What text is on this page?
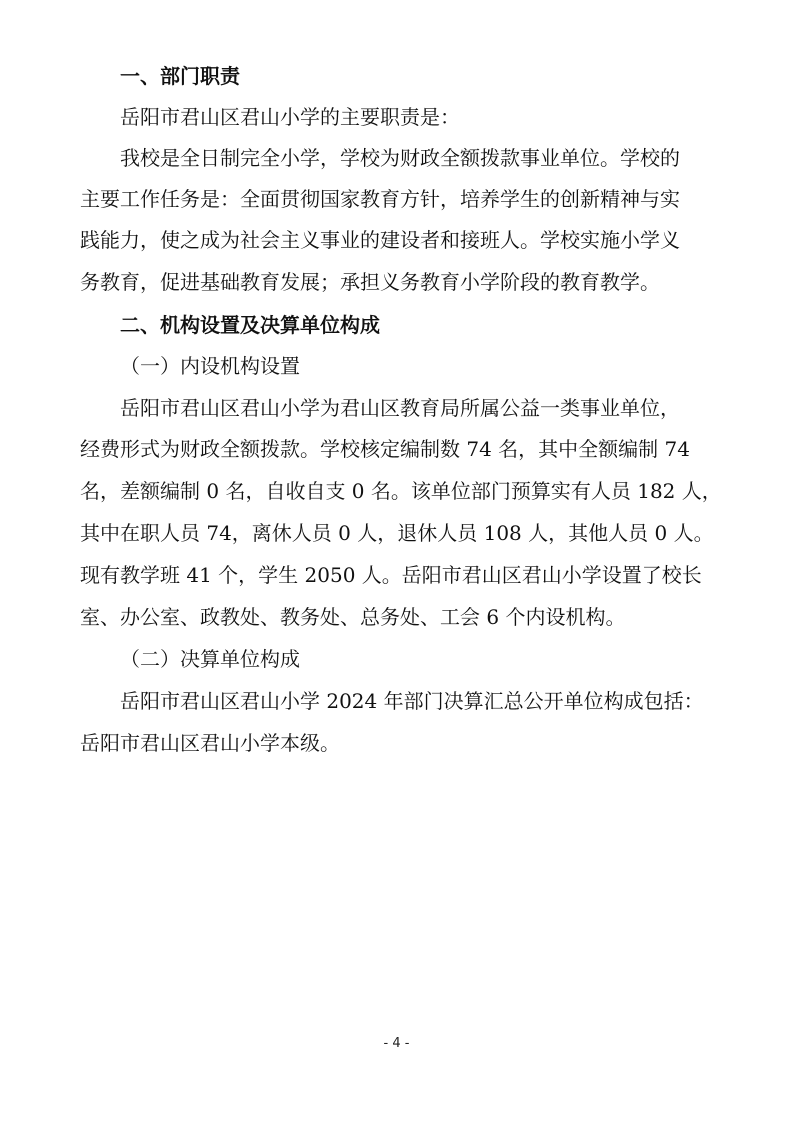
一、部门职责
岳阳市君山区君山小学的主要职责是：
我校是全日制完全小学，学校为财政全额拨款事业单位。学校的
主要工作任务是：全面贯彻国家教育方针，培养学生的创新精神与实
践能力，使之成为社会主义事业的建设者和接班人。学校实施小学义
务教育，促进基础教育发展；承担义务教育小学阶段的教育教学。
二、机构设置及决算单位构成
（一）内设机构设置
岳阳市君山区君山小学为君山区教育局所属公益一类事业单位，
经费形式为财政全额拨款。学校核定编制数 74 名，其中全额编制 74
名，差额编制 0 名，自收自支 0 名。该单位部门预算实有人员 182 人，
其中在职人员 74，离休人员 0 人，退休人员 108 人，其他人员 0 人。
现有教学班 41 个，学生 2050 人。岳阳市君山区君山小学设置了校长
室、办公室、政教处、教务处、总务处、工会 6 个内设机构。
（二）决算单位构成
岳阳市君山区君山小学 2024 年部门决算汇总公开单位构成包括：
岳阳市君山区君山小学本级。
- 4 -
